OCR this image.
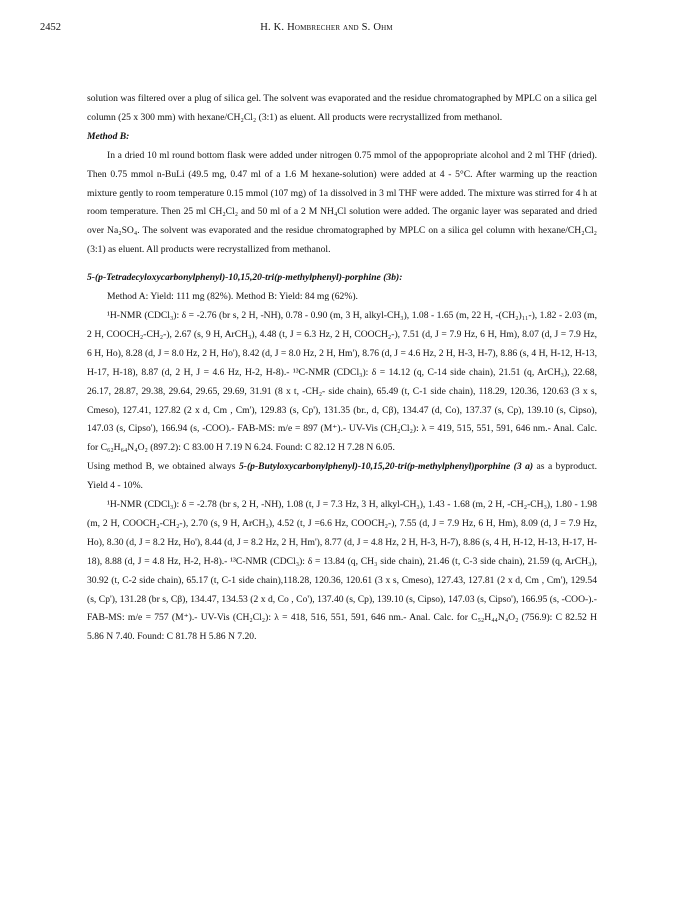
2452	H. K. Hombrecher and S. Ohm

solution was filtered over a plug of silica gel. The solvent was evaporated and the residue chromatographed by MPLC on a silica gel column (25 x 300 mm) with hexane/CH₂Cl₂ (3:1) as eluent. All products were recrystallized from methanol.

Method B:

In a dried 10 ml round bottom flask were added under nitrogen 0.75 mmol of the appopropriate alcohol and 2 ml THF (dried). Then 0.75 mmol n-BuLi (49.5 mg, 0.47 ml of a 1.6 M hexane-solution) were added at 4 - 5°C. After warming up the reaction mixture gently to room temperature 0.15 mmol (107 mg) of 1a dissolved in 3 ml THF were added. The mixture was stirred for 4 h at room temperature. Then 25 ml CH₂Cl₂ and 50 ml of a 2 M NH₄Cl solution were added. The organic layer was separated and dried over Na₂SO₄. The solvent was evaporated and the residue chromatographed by MPLC on a silica gel column with hexane/CH₂Cl₂ (3:1) as eluent. All products were recrystallized from methanol.

5-(p-Tetradecyloxycarbonylphenyl)-10,15,20-tri(p-methylphenyl)-porphine (3b):

Method A: Yield: 111 mg (82%). Method B: Yield: 84 mg (62%).

¹H-NMR (CDCl₃): δ = -2.76 (br s, 2 H, -NH), 0.78 - 0.90 (m, 3 H, alkyl-CH₃), 1.08 - 1.65 (m, 22 H, -(CH₂)₁₁-), 1.82 - 2.03 (m, 2 H, COOCH₂-CH₂-), 2.67 (s, 9 H, ArCH₃), 4.48 (t, J = 6.3 Hz, 2 H, COOCH₂-), 7.51 (d, J = 7.9 Hz, 6 H, Hm), 8.07 (d, J = 7.9 Hz, 6 H, Ho), 8.28 (d, J = 8.0 Hz, 2 H, Ho'), 8.42 (d, J = 8.0 Hz, 2 H, Hm'), 8.76 (d, J = 4.6 Hz, 2 H, H-3, H-7), 8.86 (s, 4 H, H-12, H-13, H-17, H-18), 8.87 (d, 2 H, J = 4.6 Hz, H-2, H-8).- ¹³C-NMR (CDCl₃): δ = 14.12 (q, C-14 side chain), 21.51 (q, ArCH₃), 22.68, 26.17, 28.87, 29.38, 29.64, 29.65, 29.69, 31.91 (8 x t, -CH₂- side chain), 65.49 (t, C-1 side chain), 118.29, 120.36, 120.63 (3 x s, Cmeso), 127.41, 127.82 (2 x d, Cm , Cm'), 129.83 (s, Cp'), 131.35 (br., d, Cβ), 134.47 (d, Co), 137.37 (s, Cp), 139.10 (s, Cipso), 147.03 (s, Cipso'), 166.94 (s, -COO).- FAB-MS: m/e = 897 (M⁺).- UV-Vis (CH₂Cl₂): λ = 419, 515, 551, 591, 646 nm.- Anal. Calc. for C₆₂H₆₄N₄O₂ (897.2): C 83.00 H 7.19 N 6.24. Found: C 82.12 H 7.28 N 6.05.

Using method B, we obtained always 5-(p-Butyloxycarbonylphenyl)-10,15,20-tri(p-methylphenyl)porphine (3 a) as a byproduct. Yield 4 - 10%.

¹H-NMR (CDCl₃): δ = -2.78 (br s, 2 H, -NH), 1.08 (t, J = 7.3 Hz, 3 H, alkyl-CH₃), 1.43 - 1.68 (m, 2 H, -CH₂-CH₃), 1.80 - 1.98 (m, 2 H, COOCH₂-CH₂-), 2.70 (s, 9 H, ArCH₃), 4.52 (t, J =6.6 Hz, COOCH₂-), 7.55 (d, J = 7.9 Hz, 6 H, Hm), 8.09 (d, J = 7.9 Hz, Ho), 8.30 (d, J = 8.2 Hz, Ho'), 8.44 (d, J = 8.2 Hz, 2 H, Hm'), 8.77 (d, J = 4.8 Hz, 2 H, H-3, H-7), 8.86 (s, 4 H, H-12, H-13, H-17, H-18), 8.88 (d, J = 4.8 Hz, H-2, H-8).- ¹³C-NMR (CDCl₃): δ = 13.84 (q, CH₃ side chain), 21.46 (t, C-3 side chain), 21.59 (q, ArCH₃), 30.92 (t, C-2 side chain), 65.17 (t, C-1 side chain),118.28, 120.36, 120.61 (3 x s, Cmeso), 127.43, 127.81 (2 x d, Cm , Cm'), 129.54 (s, Cp'), 131.28 (br s, Cβ), 134.47, 134.53 (2 x d, Co , Co'), 137.40 (s, Cp), 139.10 (s, Cipso), 147.03 (s, Cipso'), 166.95 (s, -COO-).- FAB-MS: m/e = 757 (M⁺).- UV-Vis (CH₂Cl₂): λ = 418, 516, 551, 591, 646 nm.- Anal. Calc. for C₅₂H₄₄N₄O₂ (756.9): C 82.52 H 5.86 N 7.40. Found: C 81.78 H 5.86 N 7.20.
